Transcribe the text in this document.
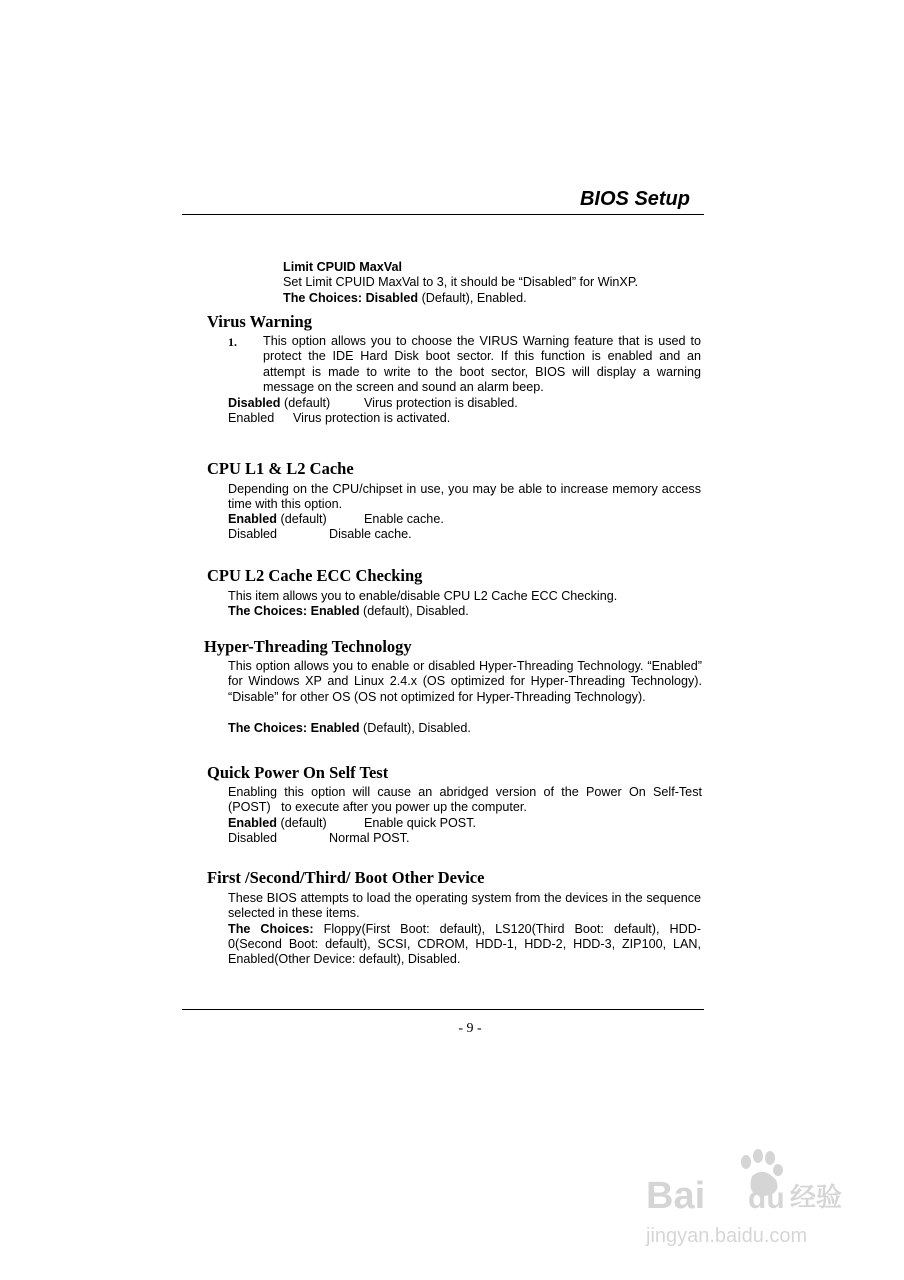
BIOS Setup
Limit CPUID MaxVal
Set Limit CPUID MaxVal to 3, it should be “Disabled” for WinXP.
The Choices: Disabled (Default), Enabled.
Virus Warning
1. This option allows you to choose the VIRUS Warning feature that is used to protect the IDE Hard Disk boot sector. If this function is enabled and an attempt is made to write to the boot sector, BIOS will display a warning message on the screen and sound an alarm beep.
Disabled (default)	Virus protection is disabled.
Enabled	Virus protection is activated.
CPU L1 & L2 Cache
Depending on the CPU/chipset in use, you may be able to increase memory access time with this option.
Enabled (default)	Enable cache.
Disabled	Disable cache.
CPU L2 Cache ECC Checking
This item allows you to enable/disable CPU L2 Cache ECC Checking.
The Choices: Enabled (default), Disabled.
Hyper-Threading Technology
This option allows you to enable or disabled Hyper-Threading Technology. “Enabled” for Windows XP and Linux 2.4.x (OS optimized for Hyper-Threading Technology). “Disable” for other OS (OS not optimized for Hyper-Threading Technology).
The Choices: Enabled (Default), Disabled.
Quick Power On Self Test
Enabling this option will cause an abridged version of the Power On Self-Test (POST)   to execute after you power up the computer.
Enabled (default)	Enable quick POST.
Disabled	Normal POST.
First /Second/Third/ Boot Other Device
These BIOS attempts to load the operating system from the devices in the sequence selected in these items.
The Choices: Floppy(First Boot: default), LS120(Third Boot: default), HDD-0(Second Boot: default), SCSI, CDROM, HDD-1, HDD-2, HDD-3, ZIP100, LAN, Enabled(Other Device: default), Disabled.
- 9 -
Bai du 经验
jingyan.baidu.com
